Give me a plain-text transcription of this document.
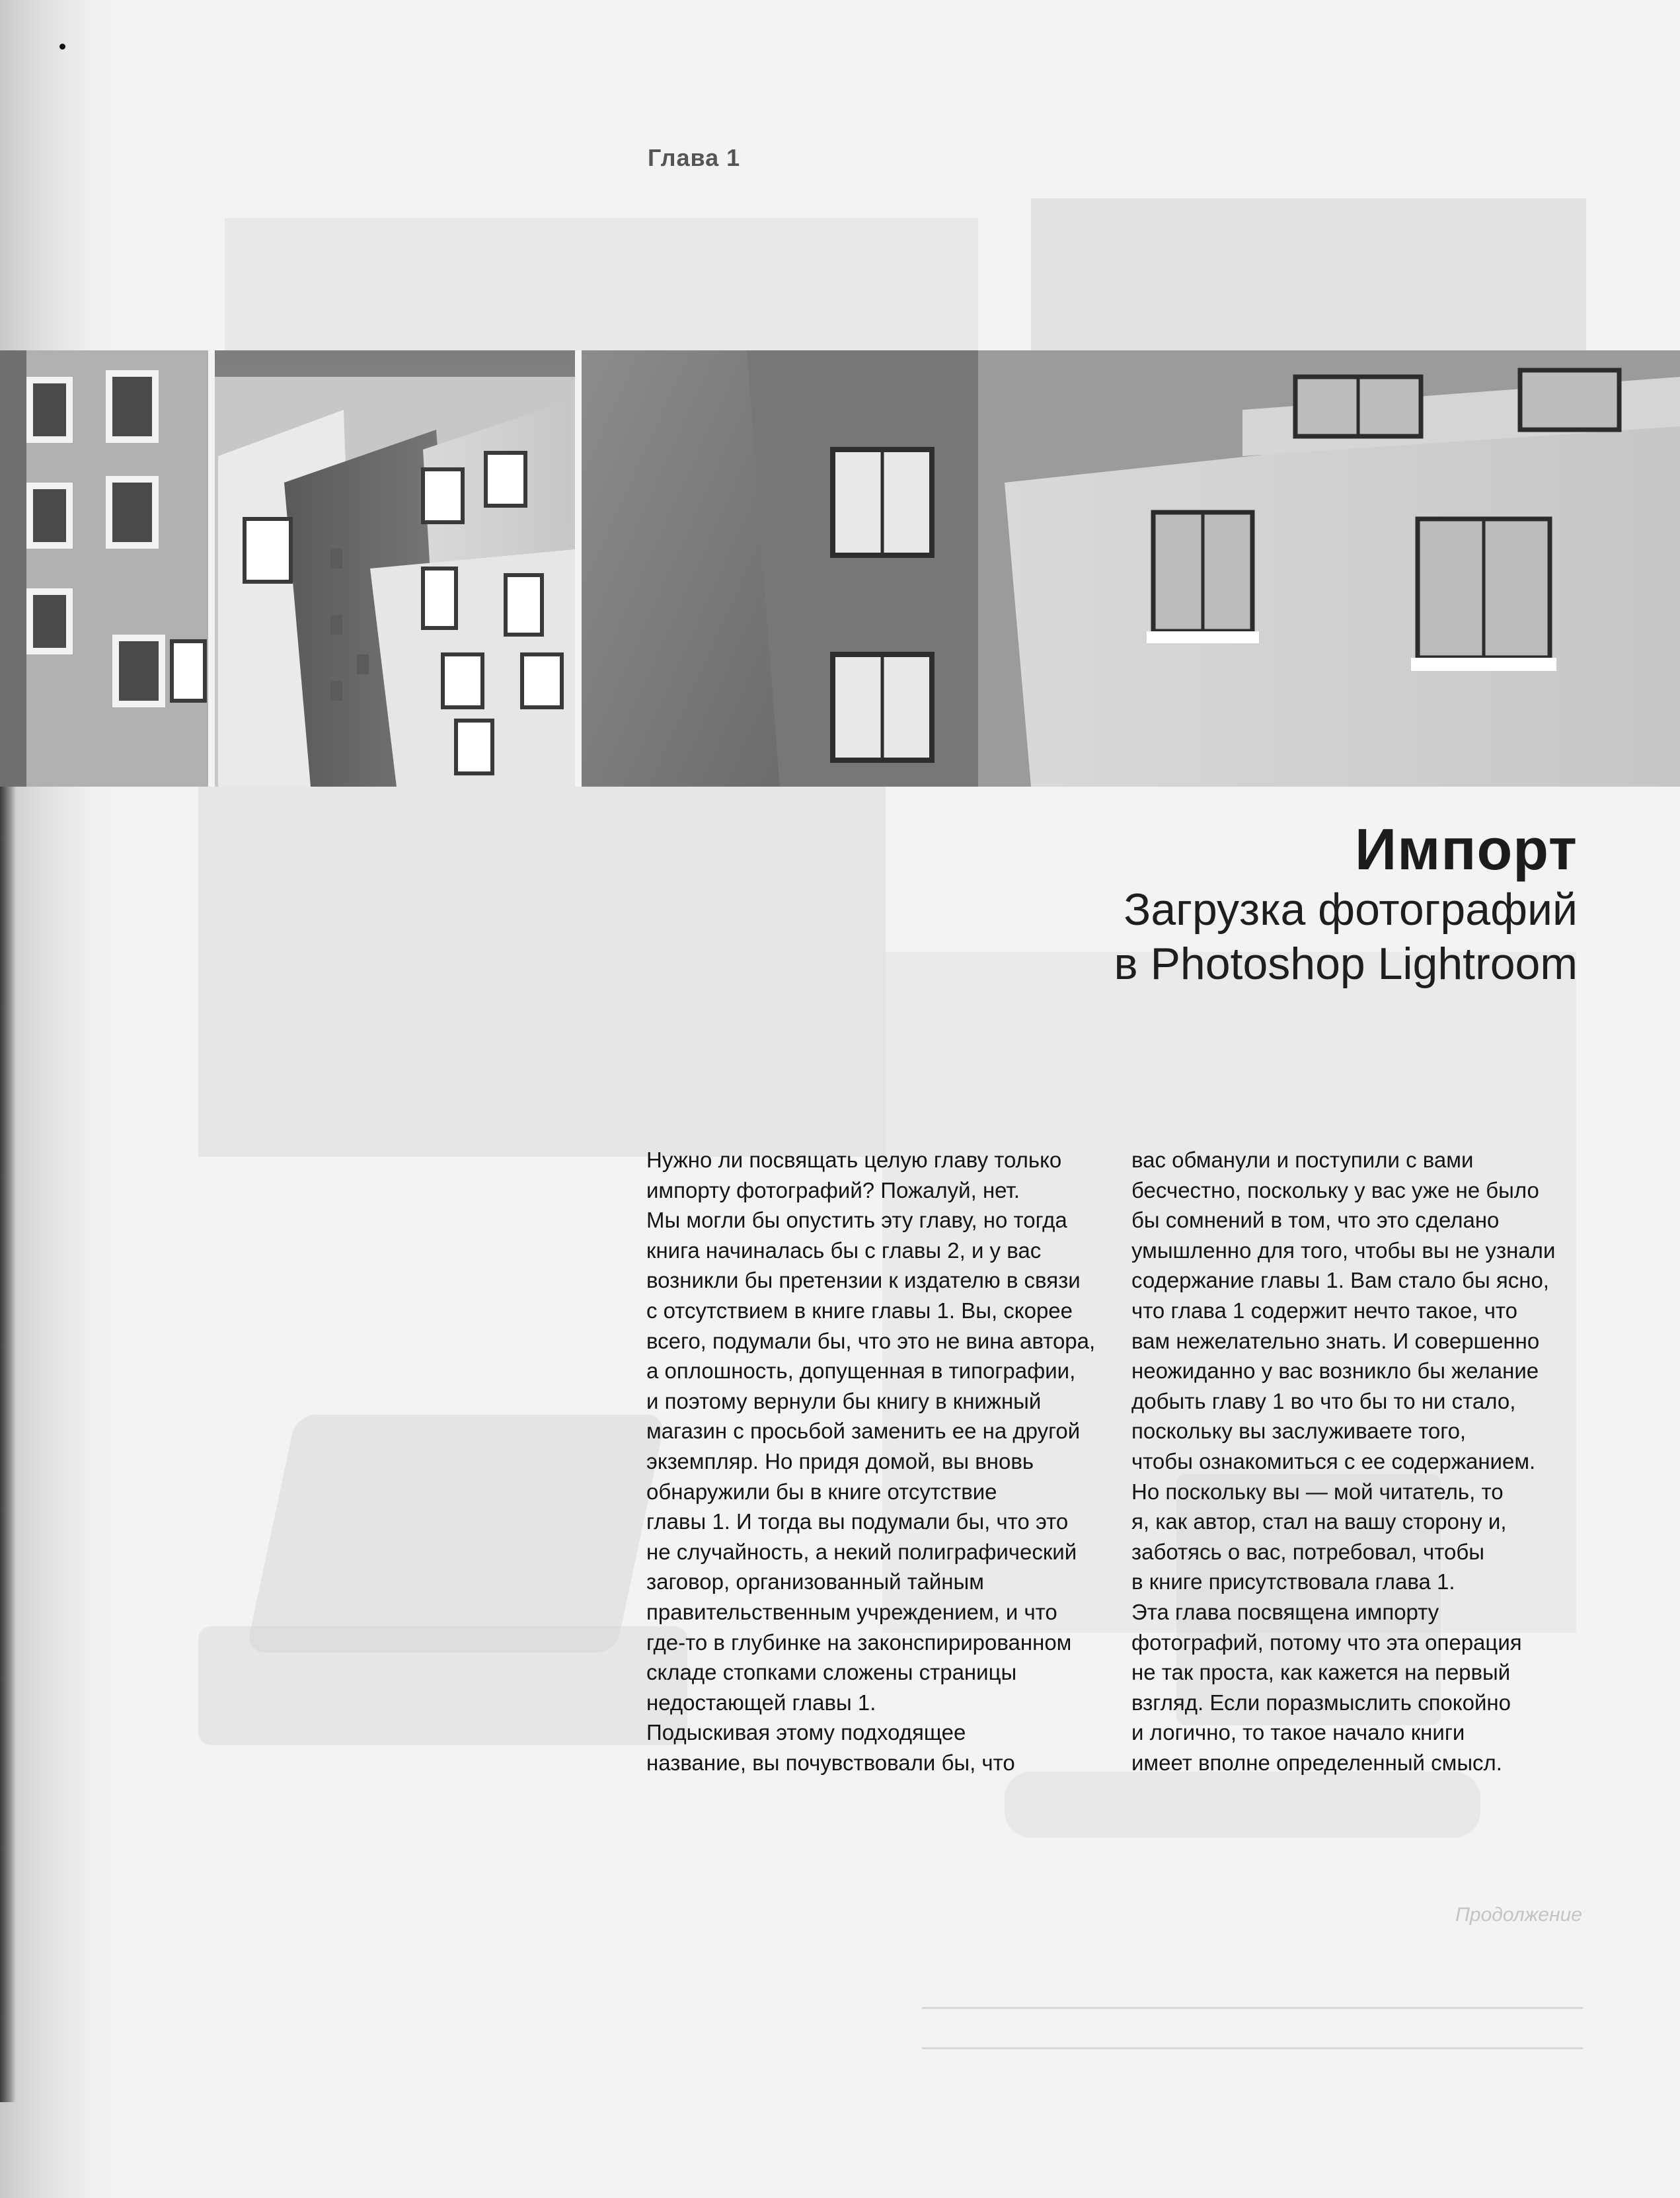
Глава 1
Импорт
Загрузка фотографий
в Photoshop Lightroom

Нужно ли посвящать целую главу только
импорту фотографий? Пожалуй, нет.
Мы могли бы опустить эту главу, но тогда
книга начиналась бы с главы 2, и у вас
возникли бы претензии к издателю в связи
с отсутствием в книге главы 1. Вы, скорее
всего, подумали бы, что это не вина автора,
а оплошность, допущенная в типографии,
и поэтому вернули бы книгу в книжный
магазин с просьбой заменить ее на другой
экземпляр. Но придя домой, вы вновь
обнаружили бы в книге отсутствие
главы 1. И тогда вы подумали бы, что это
не случайность, а некий полиграфический
заговор, организованный тайным
правительственным учреждением, и что
где-то в глубинке на законспирированном
складе стопками сложены страницы
недостающей главы 1.
Подыскивая этому подходящее
название, вы почувствовали бы, что

вас обманули и поступили с вами
бесчестно, поскольку у вас уже не было
бы сомнений в том, что это сделано
умышленно для того, чтобы вы не узнали
содержание главы 1. Вам стало бы ясно,
что глава 1 содержит нечто такое, что
вам нежелательно знать. И совершенно
неожиданно у вас возникло бы желание
добыть главу 1 во что бы то ни стало,
поскольку вы заслуживаете того,
чтобы ознакомиться с ее содержанием.
Но поскольку вы — мой читатель, то
я, как автор, стал на вашу сторону и,
заботясь о вас, потребовал, чтобы
в книге присутствовала глава 1.
Эта глава посвящена импорту
фотографий, потому что эта операция
не так проста, как кажется на первый
взгляд. Если поразмыслить спокойно
и логично, то такое начало книги
имеет вполне определенный смысл.

Продолжение
